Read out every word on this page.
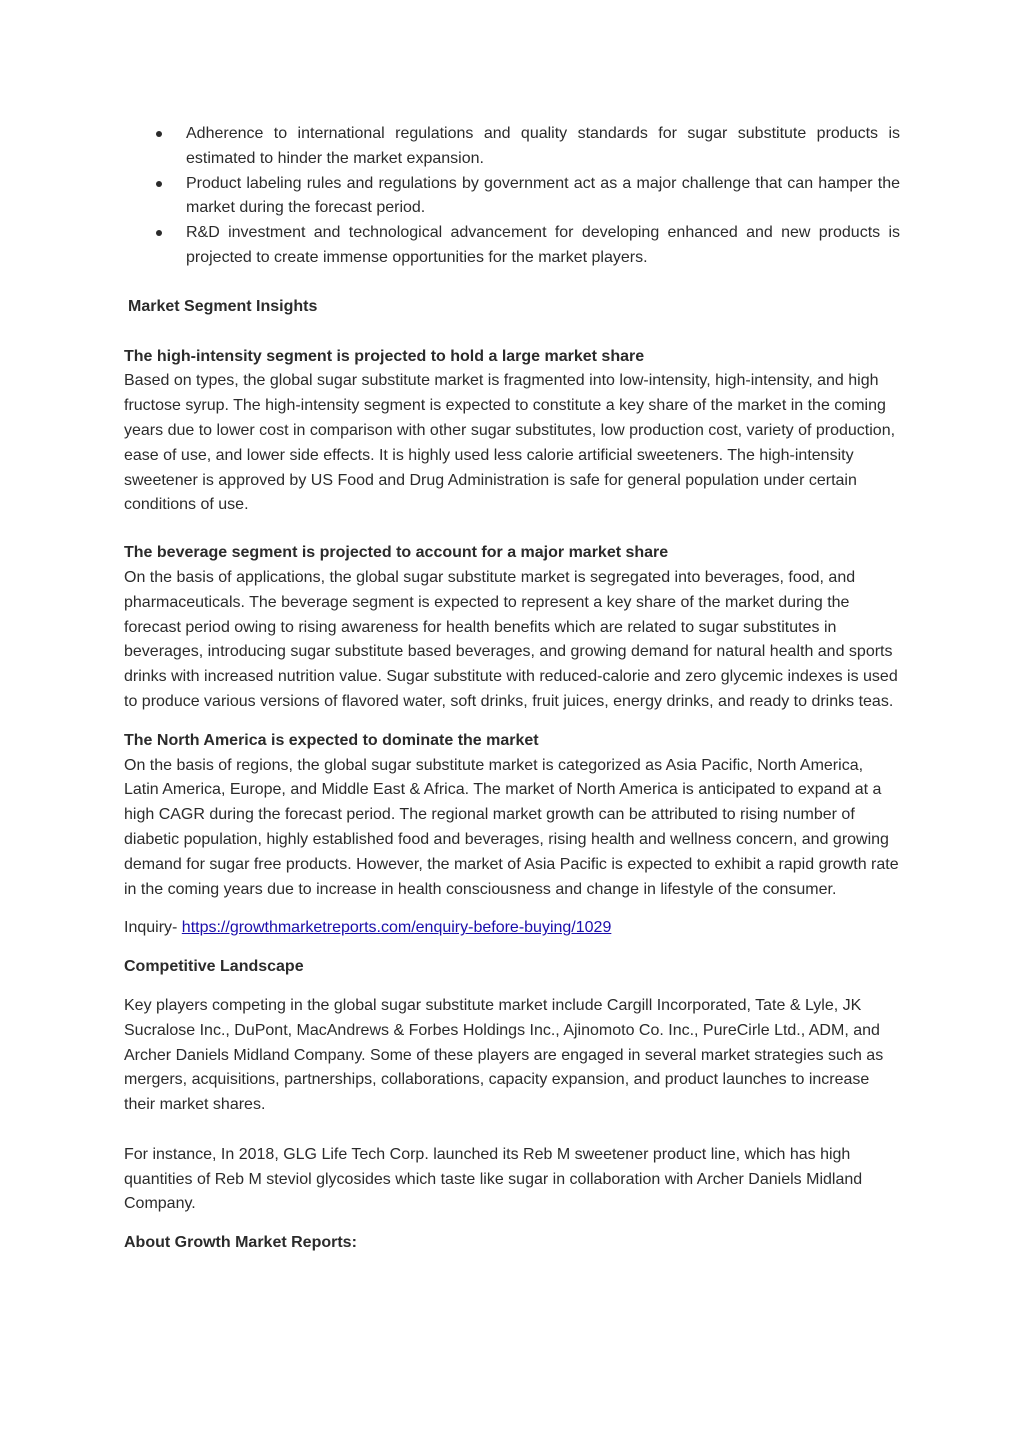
Adherence to international regulations and quality standards for sugar substitute products is estimated to hinder the market expansion.
Product labeling rules and regulations by government act as a major challenge that can hamper the market during the forecast period.
R&D investment and technological advancement for developing enhanced and new products is projected to create immense opportunities for the market players.

Market Segment Insights

The high-intensity segment is projected to hold a large market share

Based on types, the global sugar substitute market is fragmented into low-intensity, high-intensity, and high fructose syrup. The high-intensity segment is expected to constitute a key share of the market in the coming years due to lower cost in comparison with other sugar substitutes, low production cost, variety of production, ease of use, and lower side effects. It is highly used less calorie artificial sweeteners. The high-intensity sweetener is approved by US Food and Drug Administration is safe for general population under certain conditions of use.

The beverage segment is projected to account for a major market share

On the basis of applications, the global sugar substitute market is segregated into beverages, food, and pharmaceuticals. The beverage segment is expected to represent a key share of the market during the forecast period owing to rising awareness for health benefits which are related to sugar substitutes in beverages, introducing sugar substitute based beverages, and growing demand for natural health and sports drinks with increased nutrition value. Sugar substitute with reduced-calorie and zero glycemic indexes is used to produce various versions of flavored water, soft drinks, fruit juices, energy drinks, and ready to drinks teas.

The North America is expected to dominate the market

On the basis of regions, the global sugar substitute market is categorized as Asia Pacific, North America, Latin America, Europe, and Middle East & Africa. The market of North America is anticipated to expand at a high CAGR during the forecast period. The regional market growth can be attributed to rising number of diabetic population, highly established food and beverages, rising health and wellness concern, and growing demand for sugar free products. However, the market of Asia Pacific is expected to exhibit a rapid growth rate in the coming years due to increase in health consciousness and change in lifestyle of the consumer.

Inquiry- https://growthmarketreports.com/enquiry-before-buying/1029

Competitive Landscape

Key players competing in the global sugar substitute market include Cargill Incorporated, Tate & Lyle, JK Sucralose Inc., DuPont, MacAndrews & Forbes Holdings Inc., Ajinomoto Co. Inc., PureCirle Ltd., ADM, and Archer Daniels Midland Company. Some of these players are engaged in several market strategies such as mergers, acquisitions, partnerships, collaborations, capacity expansion, and product launches to increase their market shares.

For instance, In 2018, GLG Life Tech Corp. launched its Reb M sweetener product line, which has high quantities of Reb M steviol glycosides which taste like sugar in collaboration with Archer Daniels Midland Company.

About Growth Market Reports:
